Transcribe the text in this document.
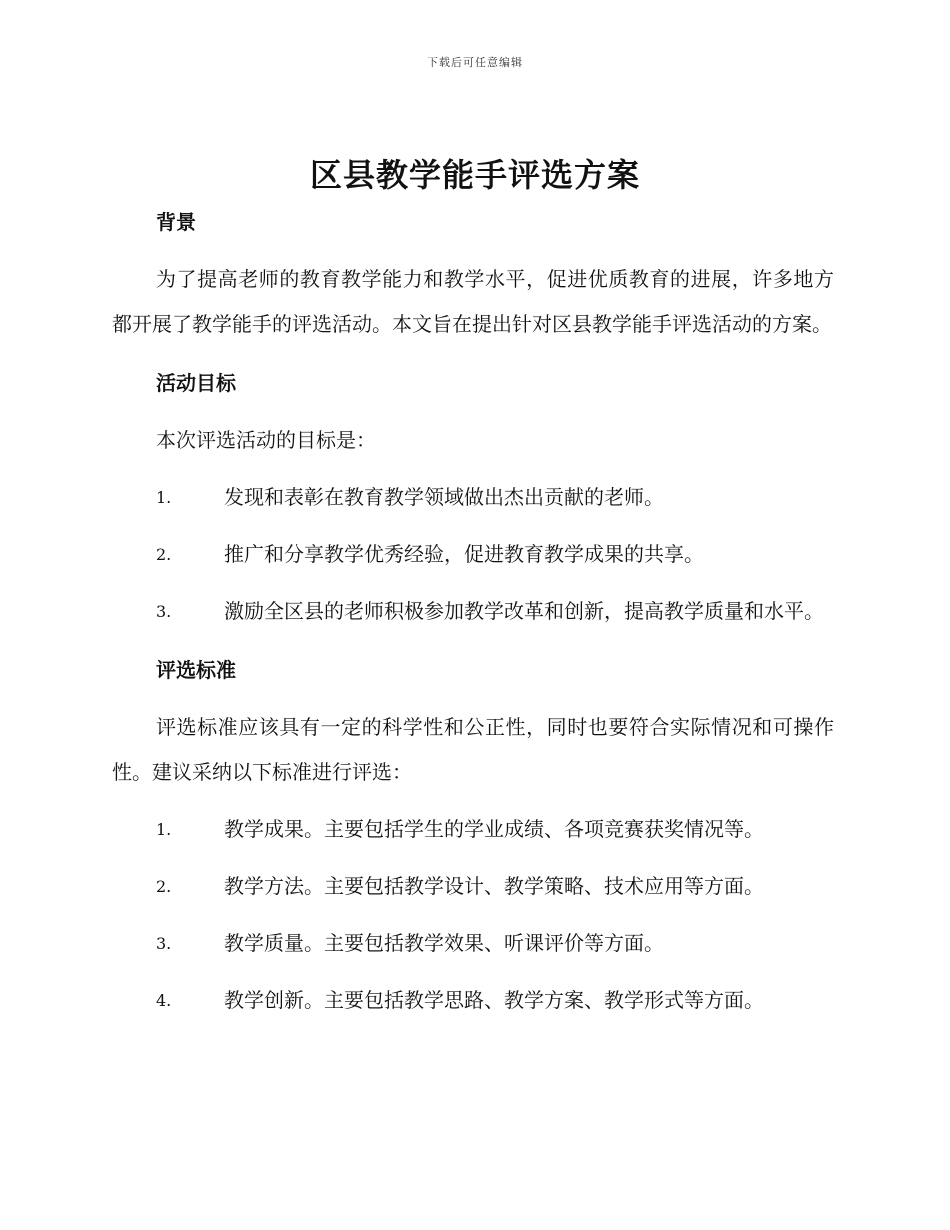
下载后可任意编辑
区县教学能手评选方案
背景

为了提高老师的教育教学能力和教学水平，促进优质教育的进展，许多地方都开展了教学能手的评选活动。本文旨在提出针对区县教学能手评选活动的方案。

活动目标

本次评选活动的目标是：

1.	发现和表彰在教育教学领域做出杰出贡献的老师。
2.	推广和分享教学优秀经验，促进教育教学成果的共享。
3.	激励全区县的老师积极参加教学改革和创新，提高教学质量和水平。
评选标准

评选标准应该具有一定的科学性和公正性，同时也要符合实际情况和可操作性。建议采纳以下标准进行评选：

1.	教学成果。主要包括学生的学业成绩、各项竞赛获奖情况等。
2.	教学方法。主要包括教学设计、教学策略、技术应用等方面。
3.	教学质量。主要包括教学效果、听课评价等方面。
4.	教学创新。主要包括教学思路、教学方案、教学形式等方面。
